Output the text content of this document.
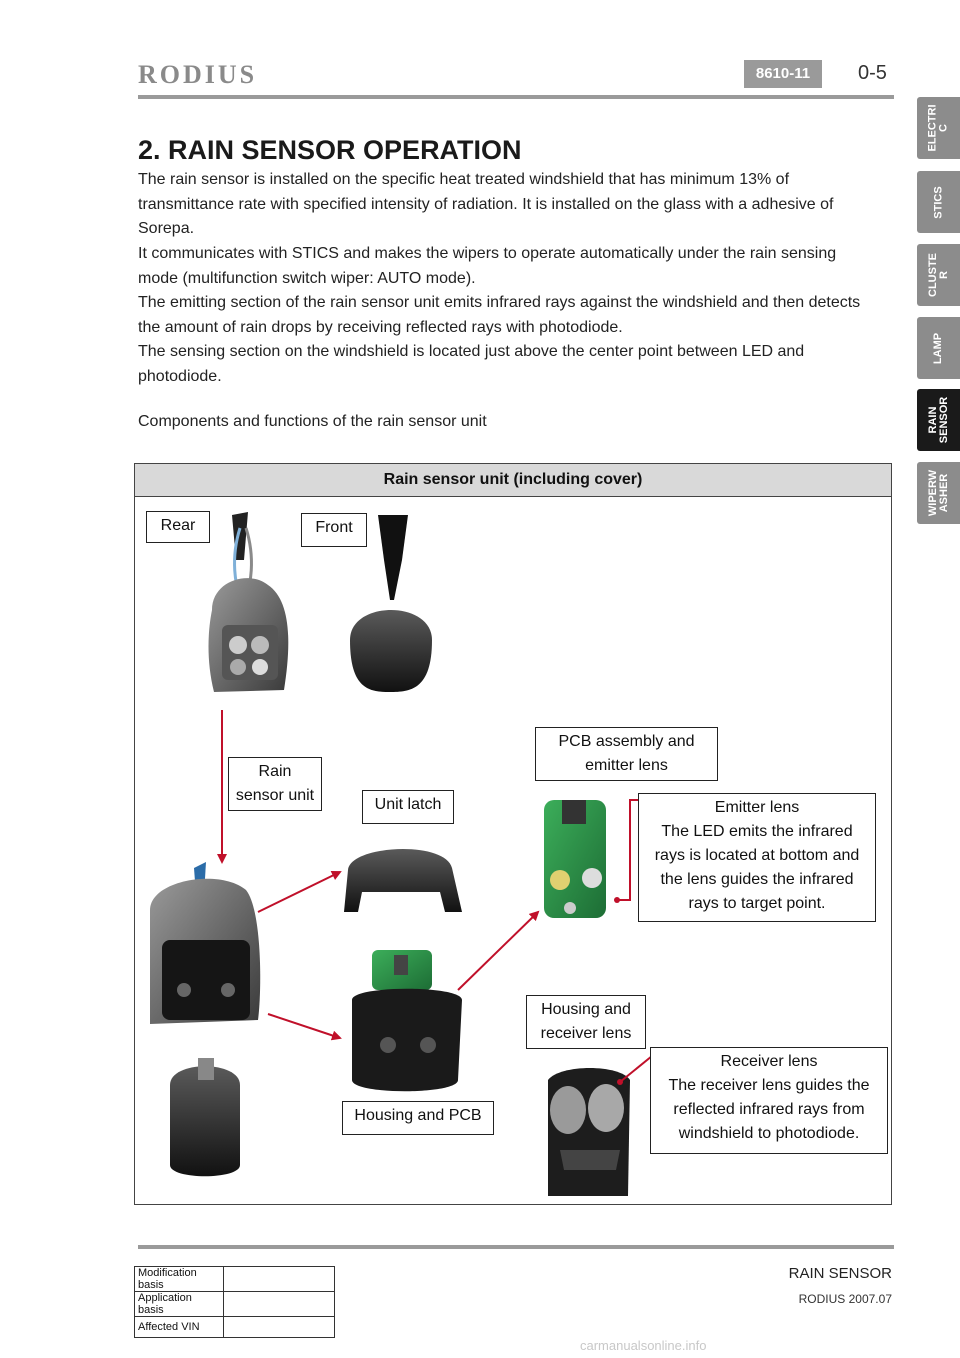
RODIUS	8610-11	0-5
ELECTRI
C
STICS
CLUSTE
R
LAMP
RAIN
SENSOR
WIPERW
ASHER
2. RAIN SENSOR OPERATION
The rain sensor is installed on the specific heat treated windshield that has minimum 13% of transmittance rate with specified intensity of radiation. It is installed on the glass with a adhesive of Sorepa.
It communicates with STICS and makes the wipers to operate automatically under the rain sensing mode (multifunction switch wiper: AUTO mode).
The emitting section of the rain sensor unit emits infrared rays against the windshield and then detects the amount of rain drops by receiving reflected rays with photodiode.
The sensing section on the windshield is located just above the center point between LED and photodiode.
Components and functions of the rain sensor unit
Rain sensor unit (including cover)
Rear	Front
Rain
sensor unit
Unit latch
PCB assembly and
emitter lens
Emitter lens
The LED emits the infrared
rays is located at bottom and
the lens guides the infrared
rays to target point.
Housing and
receiver lens
Receiver lens
The receiver lens guides the
reflected infrared rays from
windshield to photodiode.
Housing and PCB
Modification basis	
Application basis	
Affected VIN	
RAIN SENSOR
RODIUS 2007.07
carmanualsonline.info
